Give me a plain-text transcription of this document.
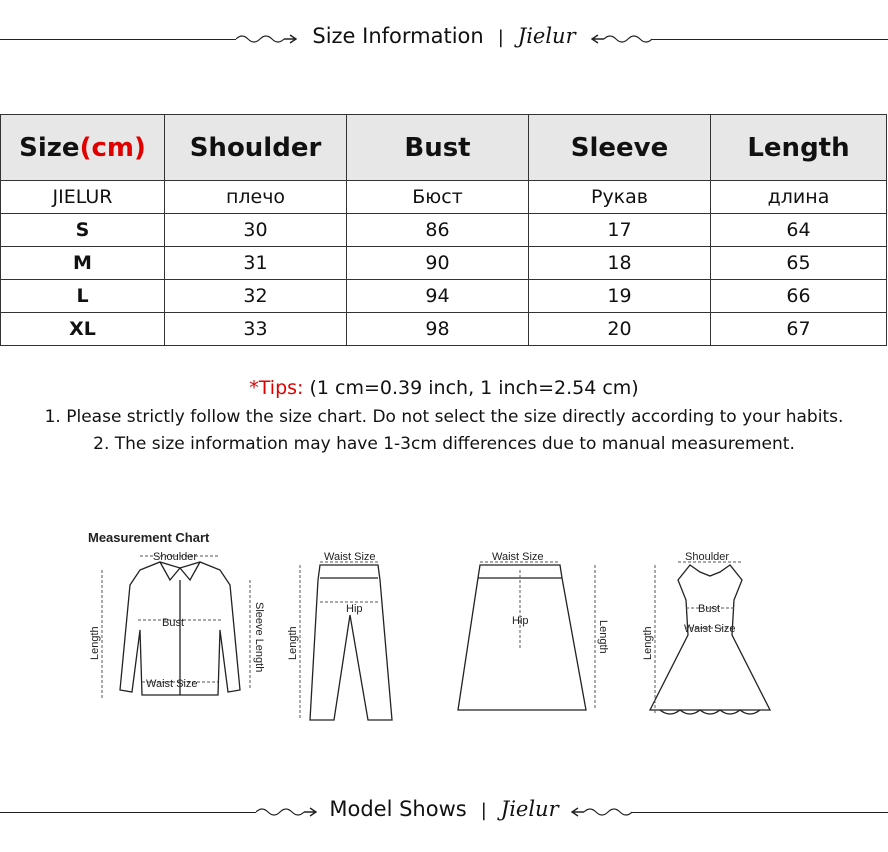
Size Information | Jielur
Size(cm)	Shoulder	Bust	Sleeve	Length
JIELUR	плечо	Бюст	Рукав	длина
S	30	86	17	64
M	31	90	18	65
L	32	94	19	66
XL	33	98	20	67
*Tips: (1 cm=0.39 inch, 1 inch=2.54 cm)
1. Please strictly follow the size chart. Do not select the size directly according to your habits.
2. The size information may have 1-3cm differences due to manual measurement.
Measurement Chart
Shoulder
Bust
Waist Size
Length	Sleeve Length
Waist Size
Hip
Length
Waist Size
Hip	Length
Shoulder
Bust
Waist Size
Length
Model Shows | Jielur
